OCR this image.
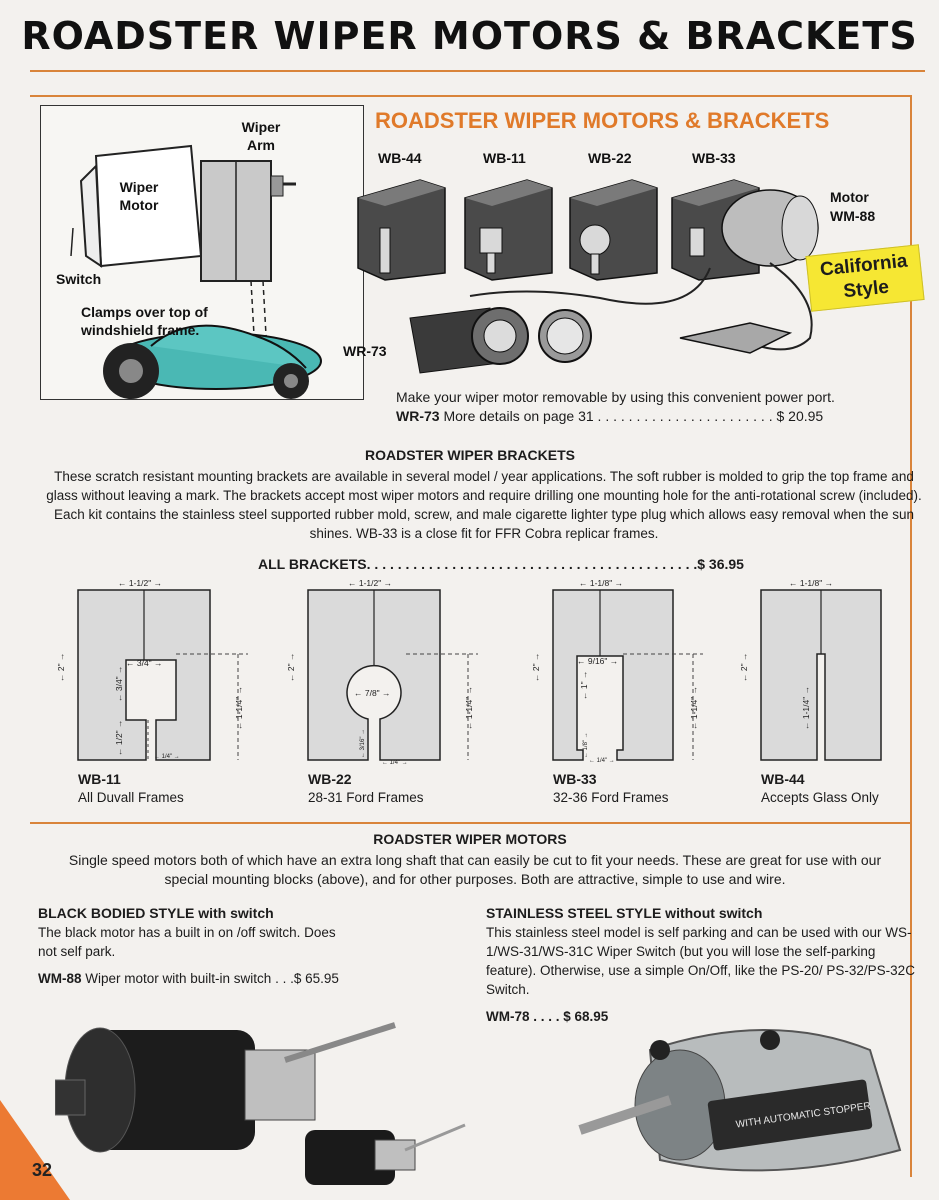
ROADSTER WIPER MOTORS & BRACKETS
Wiper Arm
Wiper Motor
Switch
Clamps over top of windshield frame.
ROADSTER WIPER MOTORS & BRACKETS
WB-44	WB-11	WB-22	WB-33
Motor WM-88
California Style
WR-73
Make your wiper motor removable by using this convenient power port.
WR-73 More details on page 31 . . . . . . . . . . . . . . . . . . . . . . . $ 20.95
ROADSTER WIPER BRACKETS
These scratch resistant mounting brackets are available in several model / year applications. The soft rubber is molded to grip the top frame and glass without leaving a mark. The brackets accept most wiper motors and require drilling one mounting hole for the anti-rotational screw (included). Each kit contains the stainless steel supported rubber mold, screw, and male cigarette lighter type plug which allows easy removal when the sun shines. WB-33 is a close fit for FFR Cobra replicar frames.
ALL BRACKETS. . . . . . . . . . . . . . . . . . . . . . . . . . . . . . . . . . . . . . . . . . .$ 36.95
← 1-1/2" →
← 3/4" →
← 1/4" →
← 2" →	← 3/4" →
← 1/2" →
← 1-1/4" →
← 1-1/2" →
← 7/8" →
← 1/4" →
← 2" →
← 3/16" →
← 1-1/4" →
← 1-1/8" →
← 9/16" →
← 1/4" →
← 2" →
← 1" →
← 1/8" →
← 1-1/4" →
← 1-1/8" →
← 2" →
← 1-1/4" →
WB-11
All Duvall Frames
WB-22
28-31 Ford Frames
WB-33
32-36 Ford Frames
WB-44
Accepts Glass Only
ROADSTER WIPER MOTORS
Single speed motors both of which have an extra long shaft that can easily be cut to fit your needs. These are great for use with our special mounting blocks (above), and for other purposes. Both are attractive, simple to use and wire.
BLACK BODIED STYLE with switch
The black motor has a built in on /off switch. Does not self park.
WM-88 Wiper motor with built-in switch . . .$ 65.95
STAINLESS STEEL STYLE without switch
This stainless steel model is self parking and can be used with our WS-1/WS-31/WS-31C Wiper Switch (but you will lose the self-parking feature). Otherwise, use a simple On/Off, like the PS-20/ PS-32/PS-32C Switch.
WM-78 . . . . $ 68.95
WITH AUTOMATIC STOPPER
32
